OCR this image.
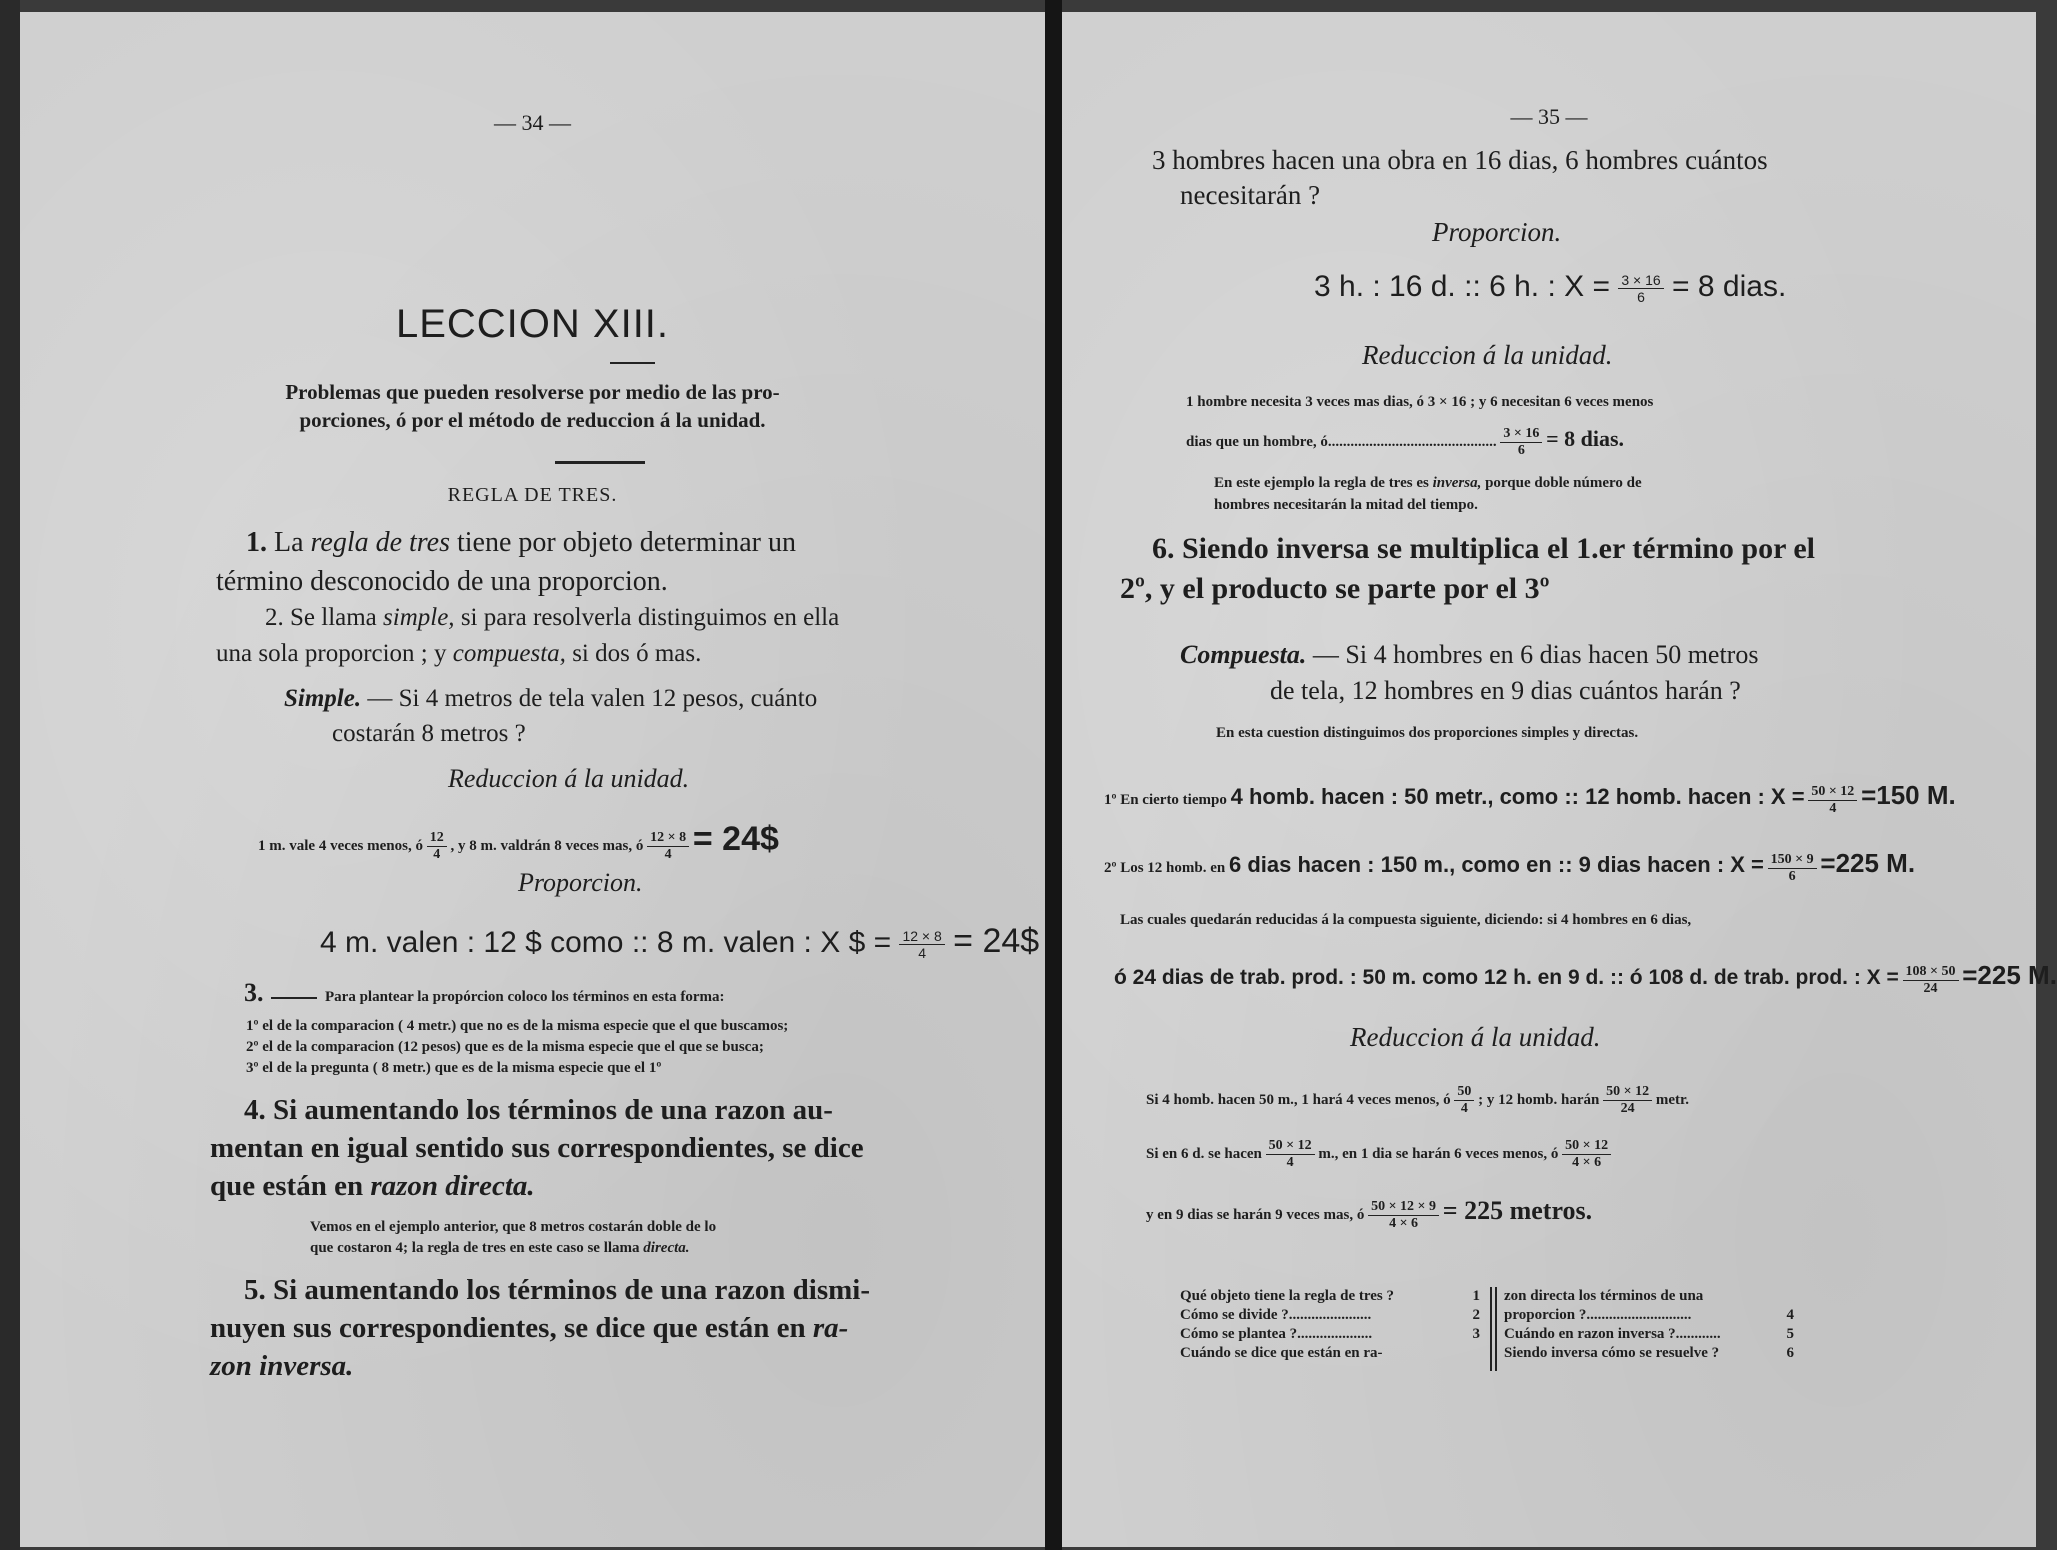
— 34 —
LECCION XIII.
Problemas que pueden resolverse por medio de las pro-
porciones, ó por el método de reduccion á la unidad.
REGLA DE TRES.
1. La regla de tres tiene por objeto determinar un
término desconocido de una proporcion.
2. Se llama simple, si para resolverla distinguimos en ella
una sola proporcion ; y compuesta, si dos ó mas.
Simple. — Si 4 metros de tela valen 12 pesos, cuánto
costarán 8 metros ?
Reduccion á la unidad.
1 m. vale 4 veces menos, ó $\frac{12}{4}$ , y 8 m. valdrán 8 veces mas, ó $\frac{12 \times 8}{4}$ = 24$
Proporcion.
4 m. valen : 12 $ como :: 8 m. valen : X $ = $\frac{12 \times 8}{4}$ = 24$
3.	Para plantear la propórcion coloco los términos en esta forma:
1º el de la comparacion ( 4 metr.) que no es de la misma especie que el que buscamos;
2º el de la comparacion (12 pesos) que es de la misma especie que el que se busca;
3º el de la pregunta ( 8 metr.) que es de la misma especie que el 1º
4. Si aumentando los términos de una razon au-
mentan en igual sentido sus correspondientes, se dice
que están en razon directa.
Vemos en el ejemplo anterior, que 8 metros costarán doble de lo
que costaron 4; la regla de tres en este caso se llama directa.
5. Si aumentando los términos de una razon dismi-
nuyen sus correspondientes, se dice que están en ra-
zon inversa.
— 35 —
3 hombres hacen una obra en 16 dias, 6 hombres cuántos
necesitarán ?
Proporcion.
3 h. : 16 d. :: 6 h. : $X = \frac{3 \times 16}{6} = 8$ dias.
Reduccion á la unidad.
1 hombre necesita 3 veces mas dias, ó 3 × 16 ; y 6 necesitan 6 veces menos
dias que un hombre, ó............................................. $\frac{3 \times 16}{6} = 8$ dias.
En este ejemplo la regla de tres es inversa, porque doble número de
hombres necesitarán la mitad del tiempo.
6. Siendo inversa se multiplica el 1.er término por el
2º, y el producto se parte por el 3º
Compuesta. — Si 4 hombres en 6 dias hacen 50 metros
de tela, 12 hombres en 9 dias cuántos harán ?
En esta cuestion distinguimos dos proporciones simples y directas.
1º En cierto tiempo 4 homb. hacen : 50 metr., como :: 12 homb. hacen : $X = \frac{50 \times 12}{4} =150$ M.
2º Los 12 homb. en 6 dias hacen : 150 m., como en :: 9 dias hacen : $X = \frac{150 \times 9}{6} =225$ M.
Las cuales quedarán reducidas á la compuesta siguiente, diciendo: si 4 hombres en 6 dias,
ó 24 dias de trab. prod. : 50 m. como 12 h. en 9 d. :: ó 108 d. de trab. prod. : $X = \frac{108 \times 50}{24} =225$ M.
Reduccion á la unidad.
Si 4 homb. hacen 50 m., 1 hará 4 veces menos, ó $\frac{50}{4}$ ; y 12 homb. harán $\frac{50 \times 12}{24}$ metr.
Si en 6 d. se hacen $\frac{50 \times 12}{4} m$., en 1 dia se harán 6 veces menos, ó $\frac{50 \times 12}{4 \times 6}$
y en 9 dias se harán 9 veces mas, ó $\frac{50 \times 12 \times 9}{4 \times 6} = 225$ metros.
Qué objeto tiene la regla de tres ?	1
Cómo se divide ?......................	2
Cómo se plantea ?....................	3
Cuándo se dice que están en ra-
zon directa los términos de una
proporcion ?............................	4
Cuándo en razon inversa ?............	5
Siendo inversa cómo se resuelve ?	6
